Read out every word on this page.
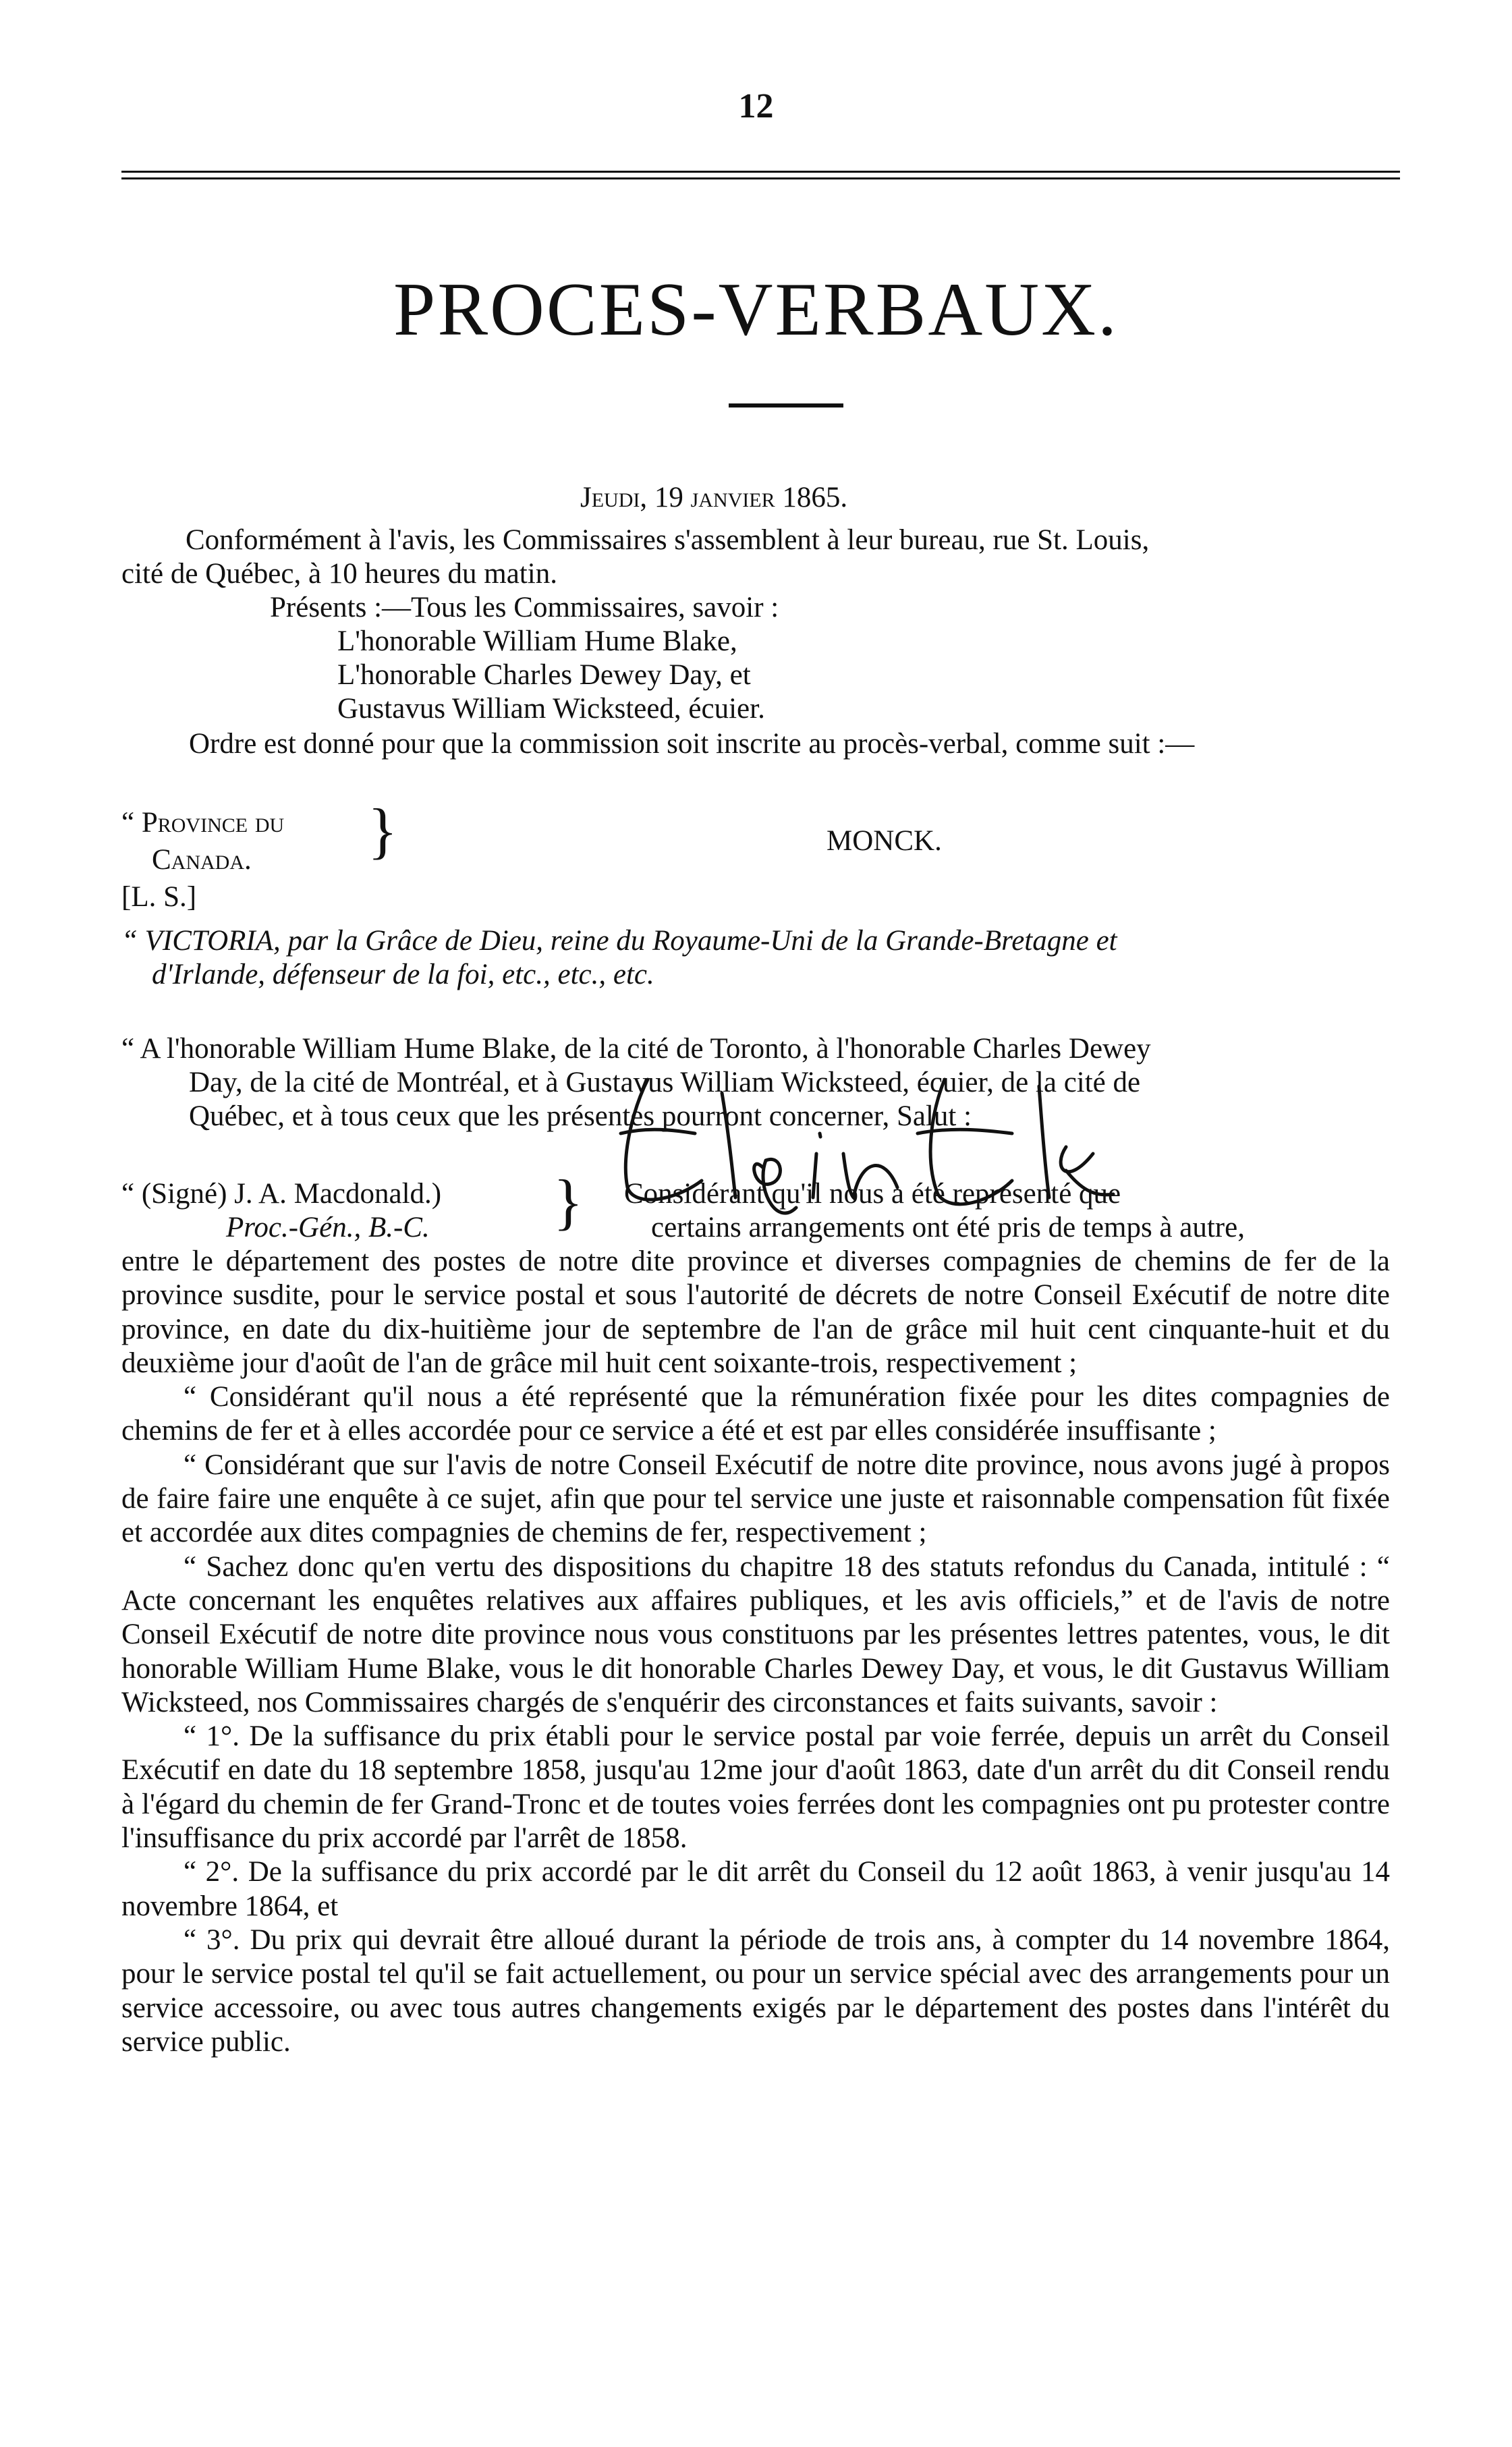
12
PROCES-VERBAUX.
Jeudi, 19 janvier 1865.
Conformément à l'avis, les Commissaires s'assemblent à leur bureau, rue St. Louis,
cité de Québec, à 10 heures du matin.
Présents :—Tous les Commissaires, savoir :
L'honorable William Hume Blake,
L'honorable Charles Dewey Day, et
Gustavus William Wicksteed, écuier.
Ordre est donné pour que la commission soit inscrite au procès-verbal, comme suit :—
“ Province du
Canada. }	MONCK.
[L. S.]
“ VICTORIA, par la Grâce de Dieu, reine du Royaume-Uni de la Grande-Bretagne et
d'Irlande, défenseur de la foi, etc., etc., etc.
“ A l'honorable William Hume Blake, de la cité de Toronto, à l'honorable Charles Dewey
Day, de la cité de Montréal, et à Gustavus William Wicksteed, écuier, de la cité de
Québec, et à tous ceux que les présentes pourront concerner, Salut :
“ (Signé) J. A. Macdonald.)
Proc.-Gén., B.-C. } Considérant qu'il nous a été représenté que
certains arrangements ont été pris de temps à autre,

entre le département des postes de notre dite province et diverses compagnies de chemins de fer de la province susdite, pour le service postal et sous l'autorité de décrets de notre Conseil Exécutif de notre dite province, en date du dix-huitième jour de septembre de l'an de grâce mil huit cent cinquante-huit et du deuxième jour d'août de l'an de grâce mil huit cent soixante-trois, respectivement ;

“ Considérant qu'il nous a été représenté que la rémunération fixée pour les dites compagnies de chemins de fer et à elles accordée pour ce service a été et est par elles considérée insuffisante ;

“ Considérant que sur l'avis de notre Conseil Exécutif de notre dite province, nous avons jugé à propos de faire faire une enquête à ce sujet, afin que pour tel service une juste et raisonnable compensation fût fixée et accordée aux dites compagnies de chemins de fer, respectivement ;

“ Sachez donc qu'en vertu des dispositions du chapitre 18 des statuts refondus du Canada, intitulé : “ Acte concernant les enquêtes relatives aux affaires publiques, et les avis officiels,” et de l'avis de notre Conseil Exécutif de notre dite province nous vous constituons par les présentes lettres patentes, vous, le dit honorable William Hume Blake, vous le dit honorable Charles Dewey Day, et vous, le dit Gustavus William Wicksteed, nos Commissaires chargés de s'enquérir des circonstances et faits suivants, savoir :

“ 1°. De la suffisance du prix établi pour le service postal par voie ferrée, depuis un arrêt du Conseil Exécutif en date du 18 septembre 1858, jusqu'au 12me jour d'août 1863, date d'un arrêt du dit Conseil rendu à l'égard du chemin de fer Grand-Tronc et de toutes voies ferrées dont les compagnies ont pu protester contre l'insuffisance du prix accordé par l'arrêt de 1858.

“ 2°. De la suffisance du prix accordé par le dit arrêt du Conseil du 12 août 1863, à venir jusqu'au 14 novembre 1864, et

“ 3°. Du prix qui devrait être alloué durant la période de trois ans, à compter du 14 novembre 1864, pour le service postal tel qu'il se fait actuellement, ou pour un service spécial avec des arrangements pour un service accessoire, ou avec tous autres changements exigés par le département des postes dans l'intérêt du service public.
